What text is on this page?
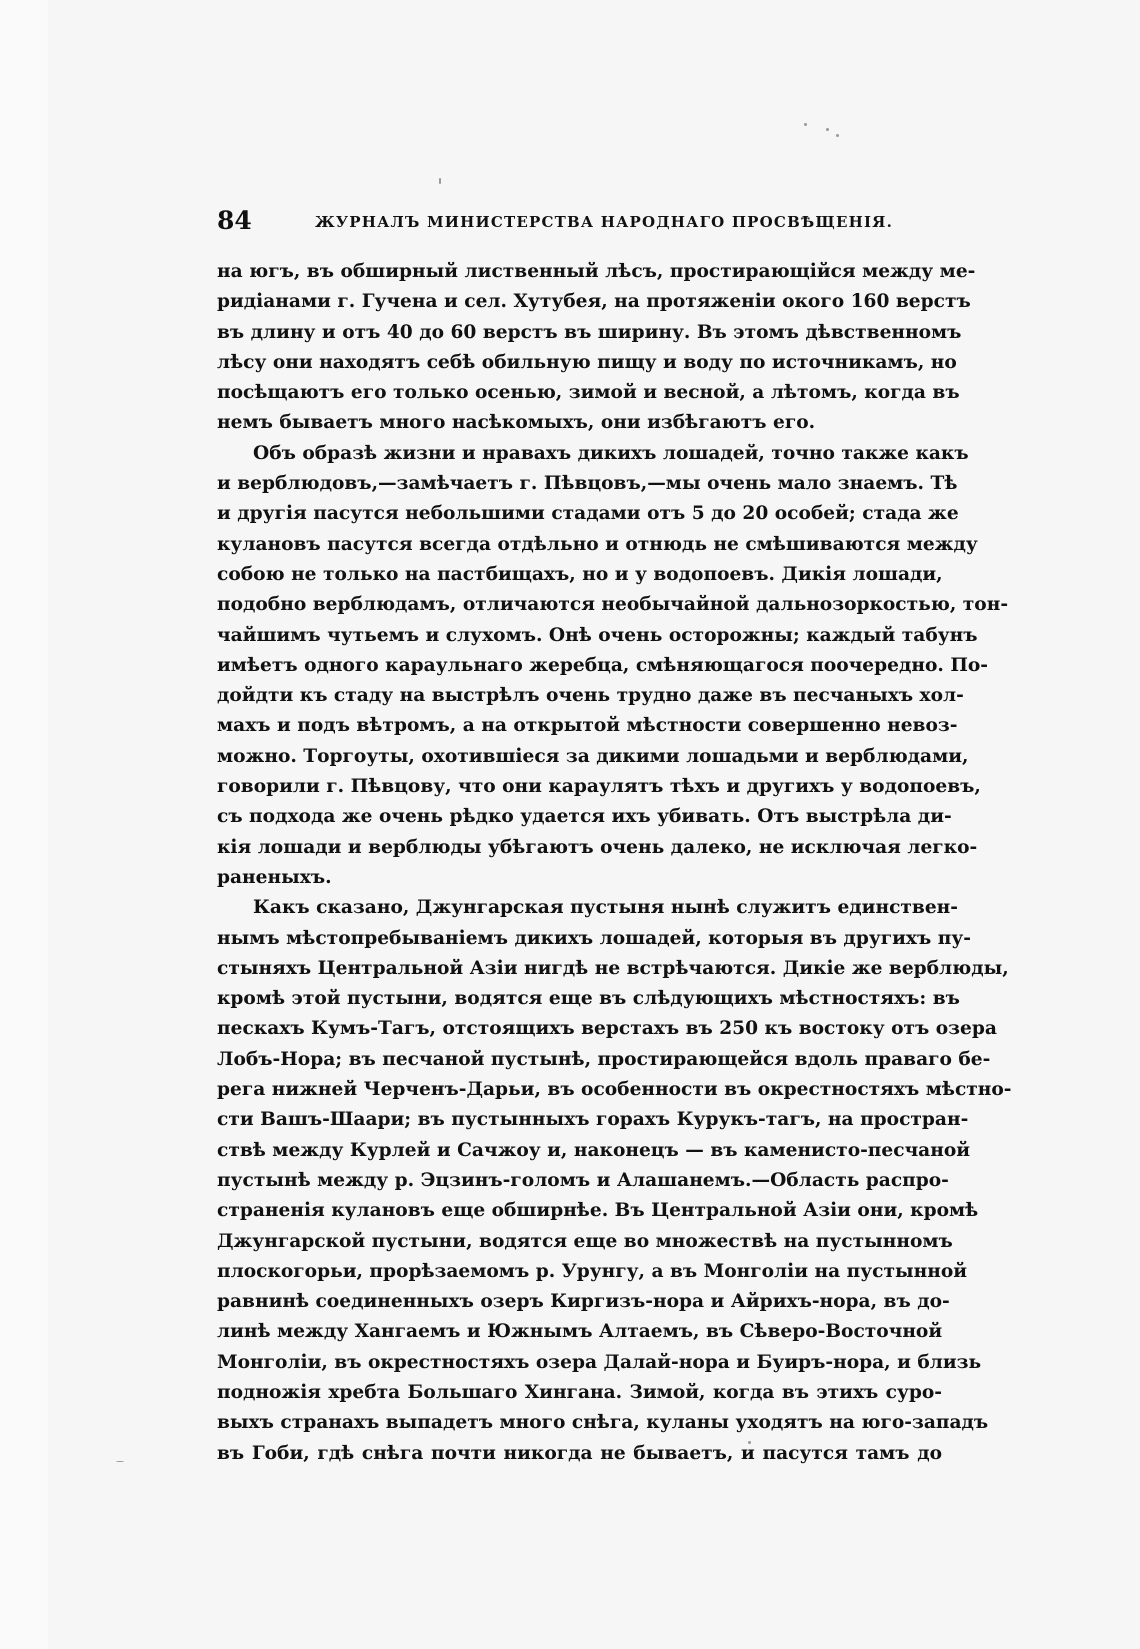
84	ЖУРНАЛЪ МИНИСТЕРСТВА НАРОДНАГО ПРОСВѢЩЕНІЯ.

на югъ, въ обширный лиственный лѣсъ, простирающійся между ме-
ридіанами г. Гучена и сел. Хутубея, на протяженіи окого 160 верстъ
въ длину и отъ 40 до 60 верстъ въ ширину. Въ этомъ дѣвственномъ
лѣсу они находятъ себѣ обильную пищу и воду по источникамъ, но
посѣщаютъ его только осенью, зимой и весной, а лѣтомъ, когда въ
немъ бываетъ много насѣкомыхъ, они избѣгаютъ его.

Объ образѣ жизни и нравахъ дикихъ лошадей, точно также какъ
и верблюдовъ,—замѣчаетъ г. Пѣвцовъ,—мы очень мало знаемъ. Тѣ
и другія пасутся небольшими стадами отъ 5 до 20 особей; стада же
кулановъ пасутся всегда отдѣльно и отнюдь не смѣшиваются между
собою не только на пастбищахъ, но и у водопоевъ. Дикія лошади,
подобно верблюдамъ, отличаются необычайной дальнозоркостью, тон-
чайшимъ чутьемъ и слухомъ. Онѣ очень осторожны; каждый табунъ
имѣетъ одного караульнаго жеребца, смѣняющагося поочередно. По-
дойдти къ стаду на выстрѣлъ очень трудно даже въ песчаныхъ хол-
махъ и подъ вѣтромъ, а на открытой мѣстности совершенно невоз-
можно. Торгоуты, охотившіеся за дикими лошадьми и верблюдами,
говорили г. Пѣвцову, что они караулятъ тѣхъ и другихъ у водопоевъ,
съ подхода же очень рѣдко удается ихъ убивать. Отъ выстрѣла ди-
кія лошади и верблюды убѣгаютъ очень далеко, не исключая легко-
раненыхъ.

Какъ сказано, Джунгарская пустыня нынѣ служитъ единствен-
нымъ мѣстопребываніемъ дикихъ лошадей, которыя въ другихъ пу-
стыняхъ Центральной Азіи нигдѣ не встрѣчаются. Дикіе же верблюды,
кромѣ этой пустыни, водятся еще въ слѣдующихъ мѣстностяхъ: въ
пескахъ Кумъ-Тагъ, отстоящихъ верстахъ въ 250 къ востоку отъ озера
Лобъ-Нора; въ песчаной пустынѣ, простирающейся вдоль праваго бе-
рега нижней Черченъ-Дарьи, въ особенности въ окрестностяхъ мѣстно-
сти Вашъ-Шаари; въ пустынныхъ горахъ Курукъ-тагъ, на простран-
ствѣ между Курлей и Сачжоу и, наконецъ — въ каменисто-песчаной
пустынѣ между р. Эцзинъ-голомъ и Алашанемъ.—Область распро-
страненія кулановъ еще обширнѣе. Въ Центральной Азіи они, кромѣ
Джунгарской пустыни, водятся еще во множествѣ на пустынномъ
плоскогорьи, прорѣзаемомъ р. Урунгу, а въ Монголіи на пустынной
равнинѣ соединенныхъ озеръ Киргизъ-нора и Айрихъ-нора, въ до-
линѣ между Хангаемъ и Южнымъ Алтаемъ, въ Сѣверо-Восточной
Монголіи, въ окрестностяхъ озера Далай-нора и Буиръ-нора, и близь
подножія хребта Большаго Хингана. Зимой, когда въ этихъ суро-
выхъ странахъ выпадетъ много снѣга, куланы уходятъ на юго-западъ
въ Гоби, гдѣ снѣга почти никогда не бываетъ, и пасутся тамъ до
